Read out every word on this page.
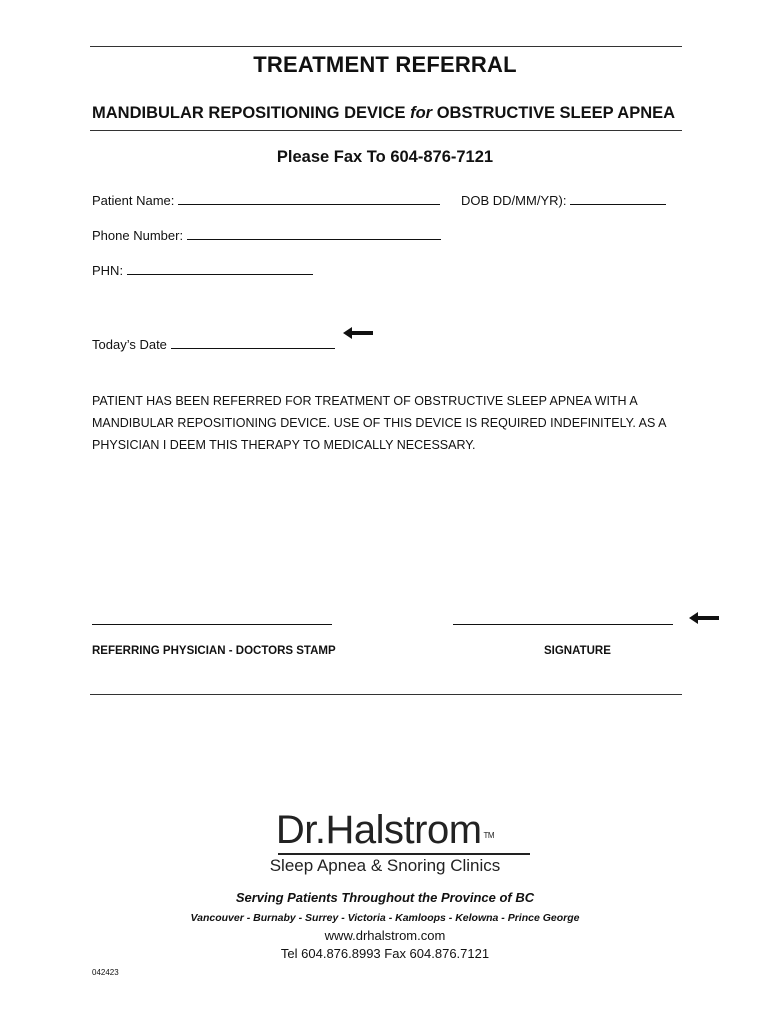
TREATMENT REFERRAL
MANDIBULAR REPOSITIONING DEVICE for OBSTRUCTIVE SLEEP APNEA
Please Fax To 604-876-7121
Patient Name:	DOB DD/MM/YR):
Phone Number:
PHN:
Today’s Date
PATIENT HAS BEEN REFERRED FOR TREATMENT OF OBSTRUCTIVE SLEEP APNEA WITH A MANDIBULAR REPOSITIONING DEVICE. USE OF THIS DEVICE IS REQUIRED INDEFINITELY. AS A PHYSICIAN I DEEM THIS THERAPY TO MEDICALLY NECESSARY.
REFERRING PHYSICIAN - DOCTORS STAMP	SIGNATURE
Dr.Halstrom ™
Sleep Apnea & Snoring Clinics
Serving Patients Throughout the Province of BC
Vancouver - Burnaby - Surrey - Victoria - Kamloops - Kelowna - Prince George
www.drhalstrom.com
Tel 604.876.8993 Fax 604.876.7121
042423
